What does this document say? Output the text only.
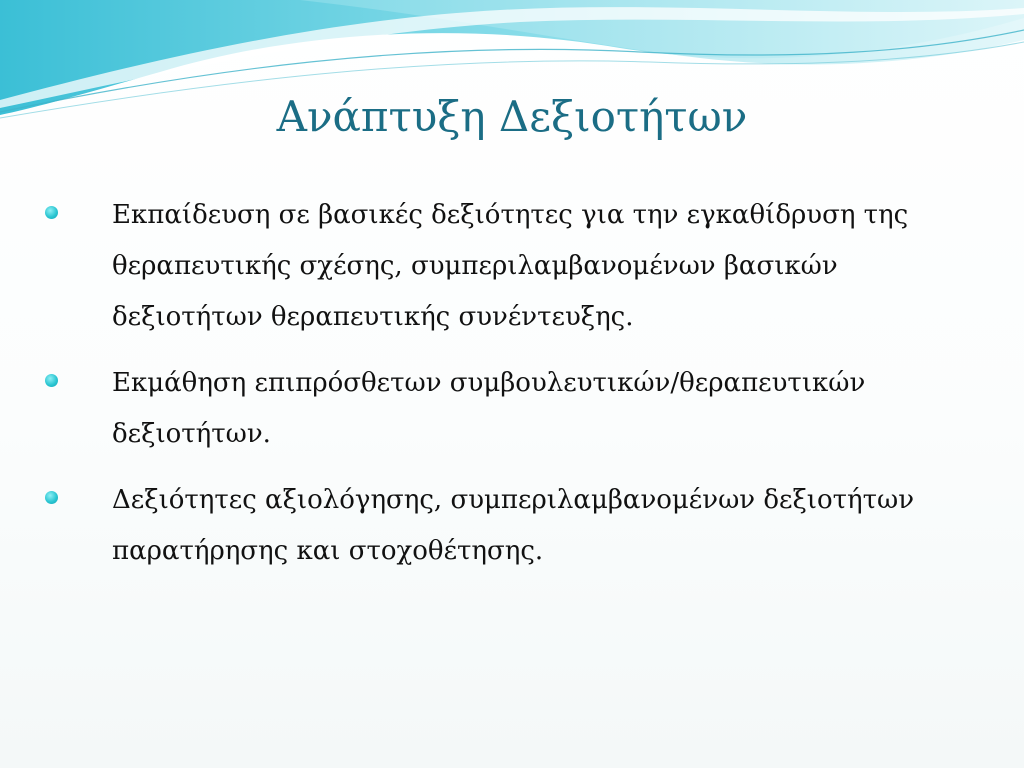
Ανάπτυξη Δεξιοτήτων
Εκπαίδευση σε βασικές δεξιότητες για την εγκαθίδρυση της θεραπευτικής σχέσης, συμπεριλαμβανομένων βασικών δεξιοτήτων θεραπευτικής συνέντευξης.
Εκμάθηση επιπρόσθετων συμβουλευτικών/θεραπευτικών δεξιοτήτων.
Δεξιότητες αξιολόγησης, συμπεριλαμβανομένων δεξιοτήτων παρατήρησης και στοχοθέτησης.
